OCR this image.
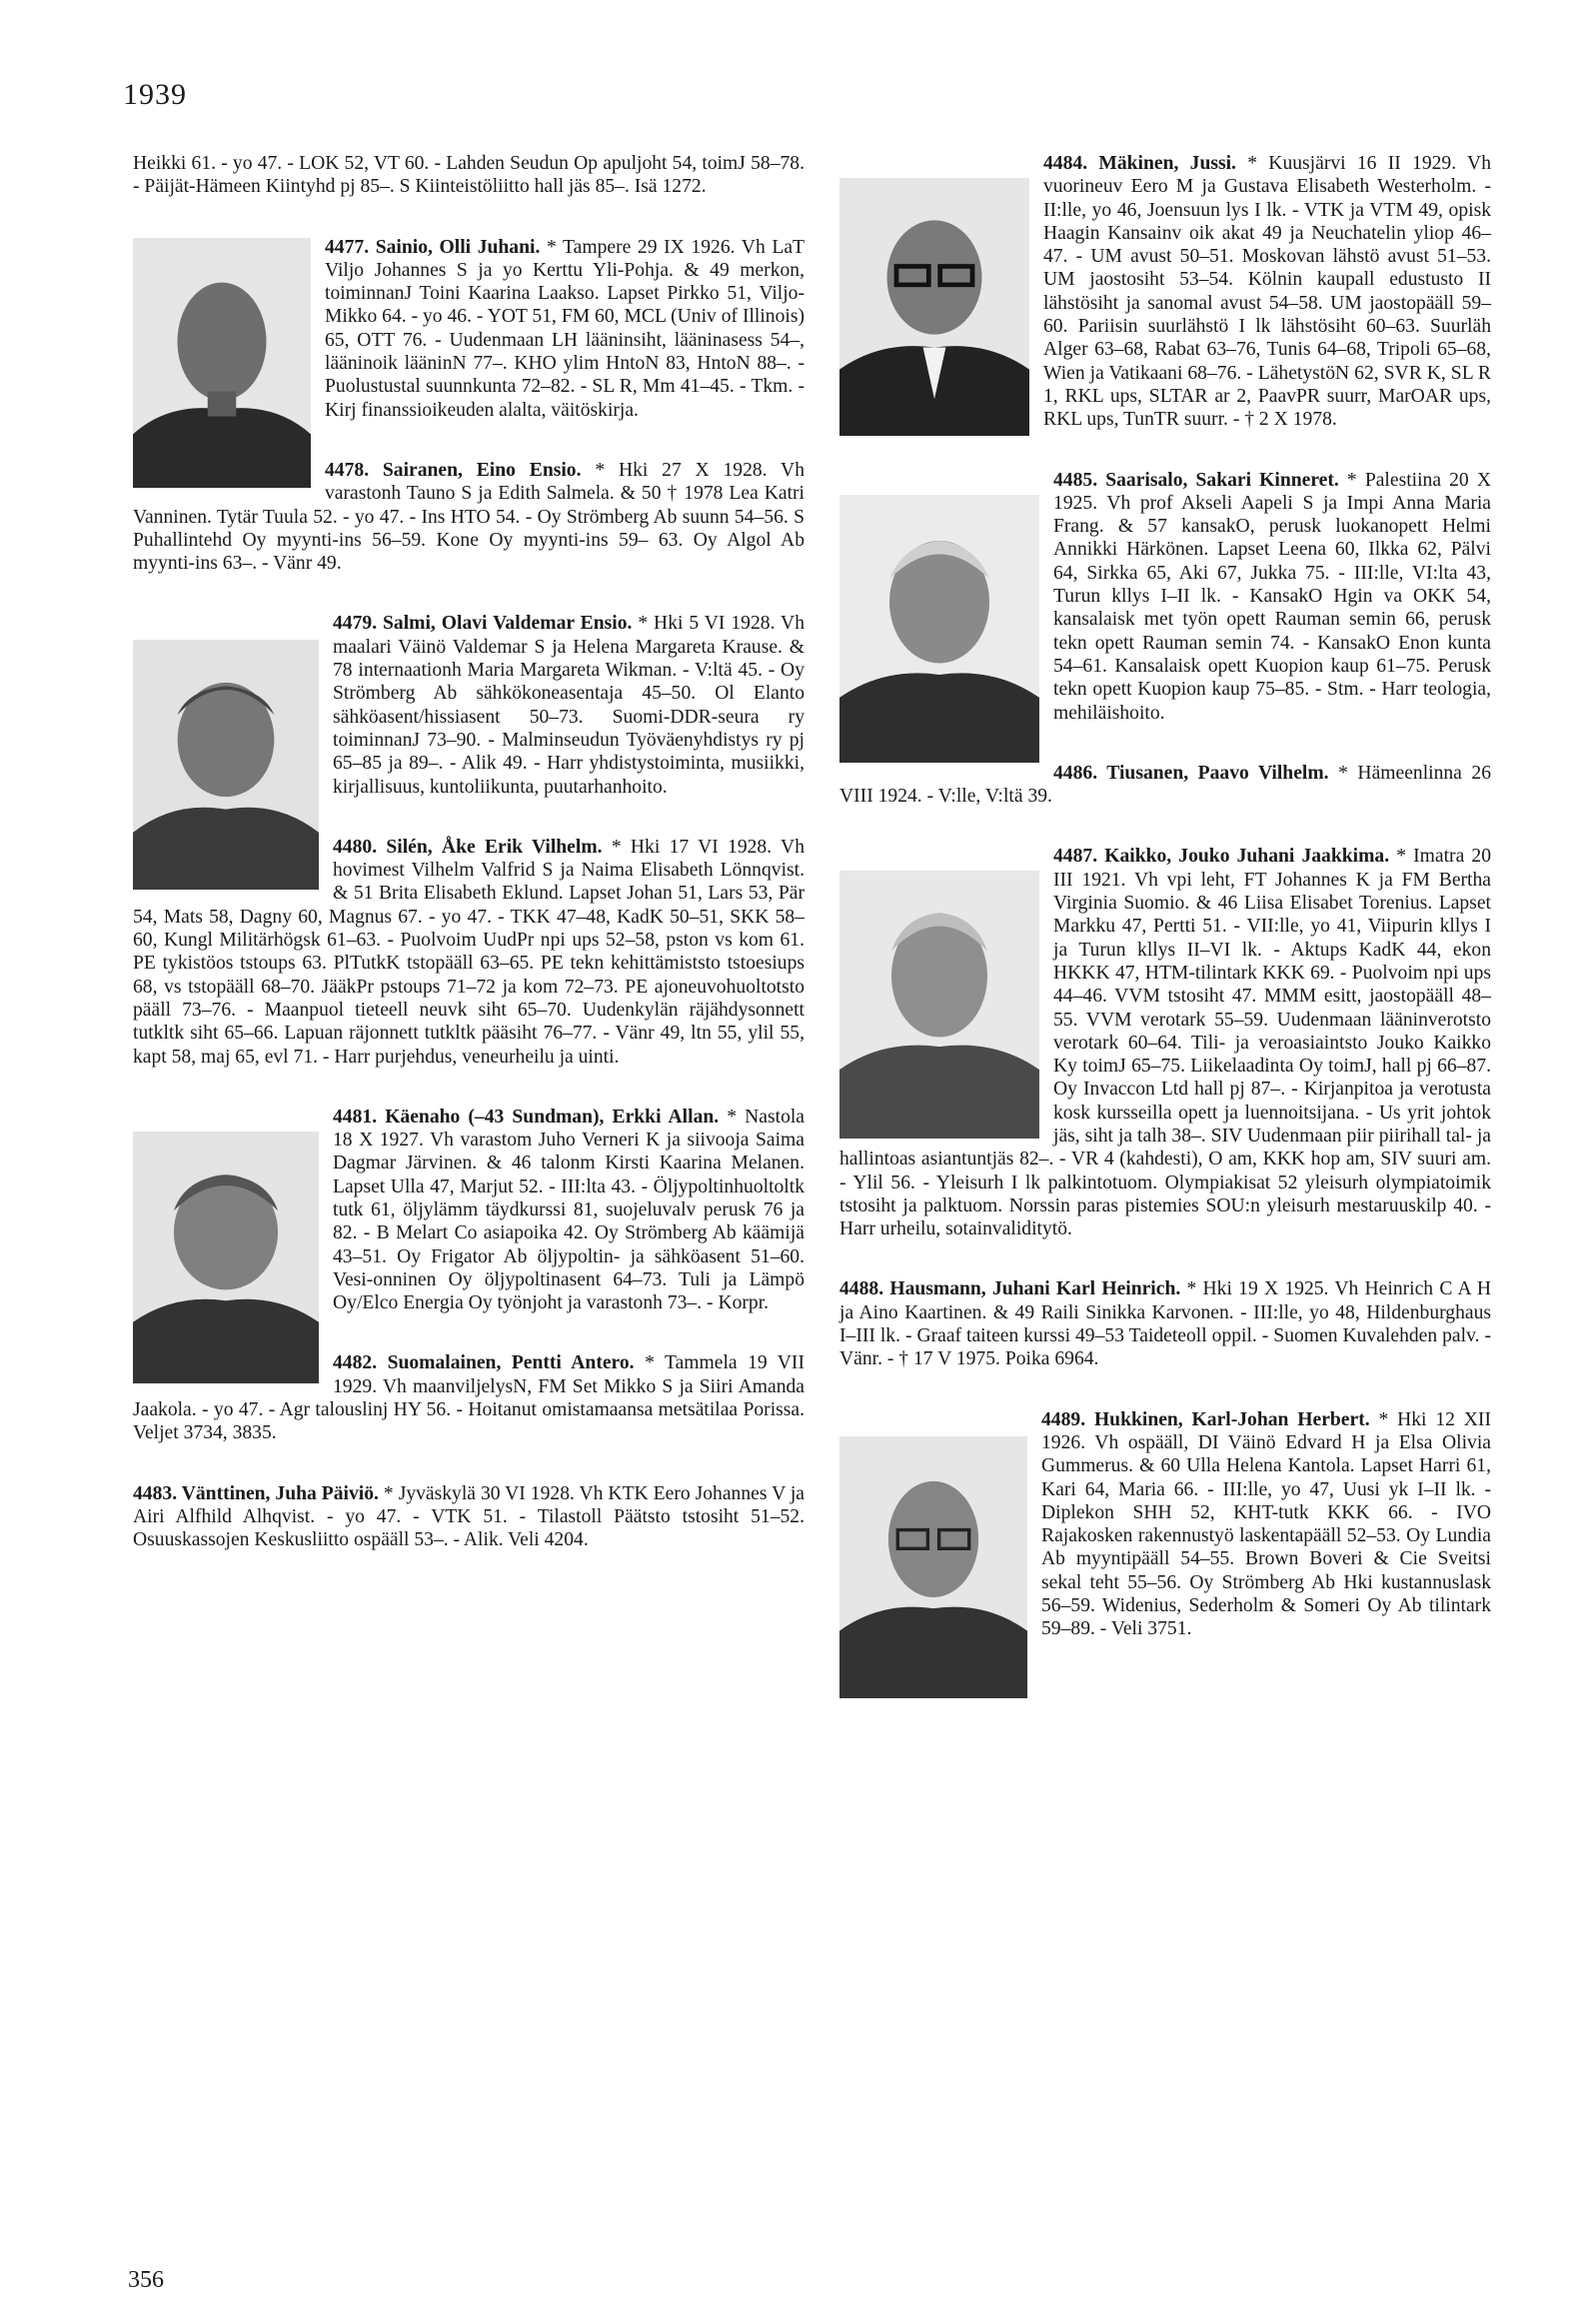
1939

Heikki 61. - yo 47. - LOK 52, VT 60. - Lahden Seudun Op apuljoht 54, toimJ 58–78. - Päijät-Hämeen Kiintyhd pj 85–. S Kiinteistöliitto hall jäs 85–. Isä 1272.

4477. Sainio, Olli Juhani. * Tampere 29 IX 1926. Vh LaT Viljo Johannes S ja yo Kerttu Yli-Pohja. & 49 merkon, toiminnanJ Toini Kaarina Laakso. Lapset Pirkko 51, Viljo-Mikko 64. - yo 46. - YOT 51, FM 60, MCL (Univ of Illinois) 65, OTT 76. - Uudenmaan LH lääninsiht, lääninasess 54–, lääninoik lääninN 77–. KHO ylim HntoN 83, HntoN 88–. - Puolustustal suunnkunta 72–82. - SL R, Mm 41–45. - Tkm. - Kirj finanssioikeuden alalta, väitöskirja.

4478. Sairanen, Eino Ensio. * Hki 27 X 1928. Vh varastonh Tauno S ja Edith Salmela. & 50 † 1978 Lea Katri Vanninen. Tytär Tuula 52. - yo 47. - Ins HTO 54. - Oy Strömberg Ab suunn 54–56. S Puhallintehd Oy myynti-ins 56–59. Kone Oy myynti-ins 59– 63. Oy Algol Ab myynti-ins 63–. - Vänr 49.

4479. Salmi, Olavi Valdemar Ensio. * Hki 5 VI 1928. Vh maalari Väinö Valdemar S ja Helena Margareta Krause. & 78 internaationh Maria Margareta Wikman. - V:ltä 45. - Oy Strömberg Ab sähkökoneasentaja 45–50. Ol Elanto sähköasent/hissiasent 50–73. Suomi-DDR-seura ry toiminnanJ 73–90. - Malminseudun Työväenyhdistys ry pj 65–85 ja 89–. - Alik 49. - Harr yhdistystoiminta, musiikki, kirjallisuus, kuntoliikunta, puutarhanhoito.

4480. Silén, Åke Erik Vilhelm. * Hki 17 VI 1928. Vh hovimest Vilhelm Valfrid S ja Naima Elisabeth Lönnqvist. & 51 Brita Elisabeth Eklund. Lapset Johan 51, Lars 53, Pär 54, Mats 58, Dagny 60, Magnus 67. - yo 47. - TKK 47–48, KadK 50–51, SKK 58–60, Kungl Militärhögsk 61–63. - Puolvoim UudPr npi ups 52–58, pston vs kom 61. PE tykistöos tstoups 63. PlTutkK tstopääll 63–65. PE tekn kehittämiststo tstoesiups 68, vs tstopääll 68–70. JääkPr pstoups 71–72 ja kom 72–73. PE ajoneuvohuoltotsto pääll 73–76. - Maanpuol tieteell neuvk siht 65–70. Uudenkylän räjähdysonnett tutkltk siht 65–66. Lapuan räjonnett tutkltk pääsiht 76–77. - Vänr 49, ltn 55, ylil 55, kapt 58, maj 65, evl 71. - Harr purjehdus, veneurheilu ja uinti.

4481. Käenaho (–43 Sundman), Erkki Allan. * Nastola 18 X 1927. Vh varastom Juho Verneri K ja siivooja Saima Dagmar Järvinen. & 46 talonm Kirsti Kaarina Melanen. Lapset Ulla 47, Marjut 52. - III:lta 43. - Öljypoltinhuoltoltk tutk 61, öljylämm täydkurssi 81, suojeluvalv perusk 76 ja 82. - B Melart Co asiapoika 42. Oy Strömberg Ab käämijä 43–51. Oy Frigator Ab öljypoltin- ja sähköasent 51–60. Vesi-onninen Oy öljypoltinasent 64–73. Tuli ja Lämpö Oy/Elco Energia Oy työnjoht ja varastonh 73–. - Korpr.

4482. Suomalainen, Pentti Antero. * Tammela 19 VII 1929. Vh maanviljelysN, FM Set Mikko S ja Siiri Amanda Jaakola. - yo 47. - Agr talouslinj HY 56. - Hoitanut omistamaansa metsätilaa Porissa. Veljet 3734, 3835.

4483. Vänttinen, Juha Päiviö. * Jyväskylä 30 VI 1928. Vh KTK Eero Johannes V ja Airi Alfhild Alhqvist. - yo 47. - VTK 51. - Tilastoll Päätsto tstosiht 51–52. Osuuskassojen Keskusliitto ospääll 53–. - Alik. Veli 4204.

4484. Mäkinen, Jussi. * Kuusjärvi 16 II 1929. Vh vuorineuv Eero M ja Gustava Elisabeth Westerholm. - II:lle, yo 46, Joensuun lys I lk. - VTK ja VTM 49, opisk Haagin Kansainv oik akat 49 ja Neuchatelin yliop 46–47. - UM avust 50–51. Moskovan lähstö avust 51–53. UM jaostosiht 53–54. Kölnin kaupall edustusto II lähstösiht ja sanomal avust 54–58. UM jaostopääll 59–60. Pariisin suurlähstö I lk lähstösiht 60–63. Suurläh Alger 63–68, Rabat 63–76, Tunis 64–68, Tripoli 65–68, Wien ja Vatikaani 68–76. - LähetystöN 62, SVR K, SL R 1, RKL ups, SLTAR ar 2, PaavPR suurr, MarOAR ups, RKL ups, TunTR suurr. - † 2 X 1978.

4485. Saarisalo, Sakari Kinneret. * Palestiina 20 X 1925. Vh prof Akseli Aapeli S ja Impi Anna Maria Frang. & 57 kansakO, perusk luokanopett Helmi Annikki Härkönen. Lapset Leena 60, Ilkka 62, Pälvi 64, Sirkka 65, Aki 67, Jukka 75. - III:lle, VI:lta 43, Turun kllys I–II lk. - KansakO Hgin va OKK 54, kansalaisk met työn opett Rauman semin 66, perusk tekn opett Rauman semin 74. - KansakO Enon kunta 54–61. Kansalaisk opett Kuopion kaup 61–75. Perusk tekn opett Kuopion kaup 75–85. - Stm. - Harr teologia, mehiläishoito.

4486. Tiusanen, Paavo Vilhelm. * Hämeenlinna 26 VIII 1924. - V:lle, V:ltä 39.

4487. Kaikko, Jouko Juhani Jaakkima. * Imatra 20 III 1921. Vh vpi leht, FT Johannes K ja FM Bertha Virginia Suomio. & 46 Liisa Elisabet Torenius. Lapset Markku 47, Pertti 51. - VII:lle, yo 41, Viipurin kllys I ja Turun kllys II–VI lk. - Aktups KadK 44, ekon HKKK 47, HTM-tilintark KKK 69. - Puolvoim npi ups 44–46. VVM tstosiht 47. MMM esitt, jaostopääll 48–55. VVM verotark 55–59. Uudenmaan lääninverotsto verotark 60–64. Tili- ja veroasiaintsto Jouko Kaikko Ky toimJ 65–75. Liikelaadinta Oy toimJ, hall pj 66–87. Oy Invaccon Ltd hall pj 87–. - Kirjanpitoa ja verotusta kosk kursseilla opett ja luennoitsijana. - Us yrit johtok jäs, siht ja talh 38–. SIV Uudenmaan piir piirihall tal- ja hallintoas asiantuntjäs 82–. - VR 4 (kahdesti), O am, KKK hop am, SIV suuri am. - Ylil 56. - Yleisurh I lk palkintotuom. Olympiakisat 52 yleisurh olympiatoimik tstosiht ja palktuom. Norssin paras pistemies SOU:n yleisurh mestaruuskilp 40. - Harr urheilu, sotainvaliditytö.

4488. Hausmann, Juhani Karl Heinrich. * Hki 19 X 1925. Vh Heinrich C A H ja Aino Kaartinen. & 49 Raili Sinikka Karvonen. - III:lle, yo 48, Hildenburghaus I–III lk. - Graaf taiteen kurssi 49–53 Taideteoll oppil. - Suomen Kuvalehden palv. - Vänr. - † 17 V 1975. Poika 6964.

4489. Hukkinen, Karl-Johan Herbert. * Hki 12 XII 1926. Vh ospääll, DI Väinö Edvard H ja Elsa Olivia Gummerus. & 60 Ulla Helena Kantola. Lapset Harri 61, Kari 64, Maria 66. - III:lle, yo 47, Uusi yk I–II lk. - Diplekon SHH 52, KHT-tutk KKK 66. - IVO Rajakosken rakennustyö laskentapääll 52–53. Oy Lundia Ab myyntipääll 54–55. Brown Boveri & Cie Sveitsi sekal teht 55–56. Oy Strömberg Ab Hki kustannuslask 56–59. Widenius, Sederholm & Someri Oy Ab tilintark 59–89. - Veli 3751.

356
